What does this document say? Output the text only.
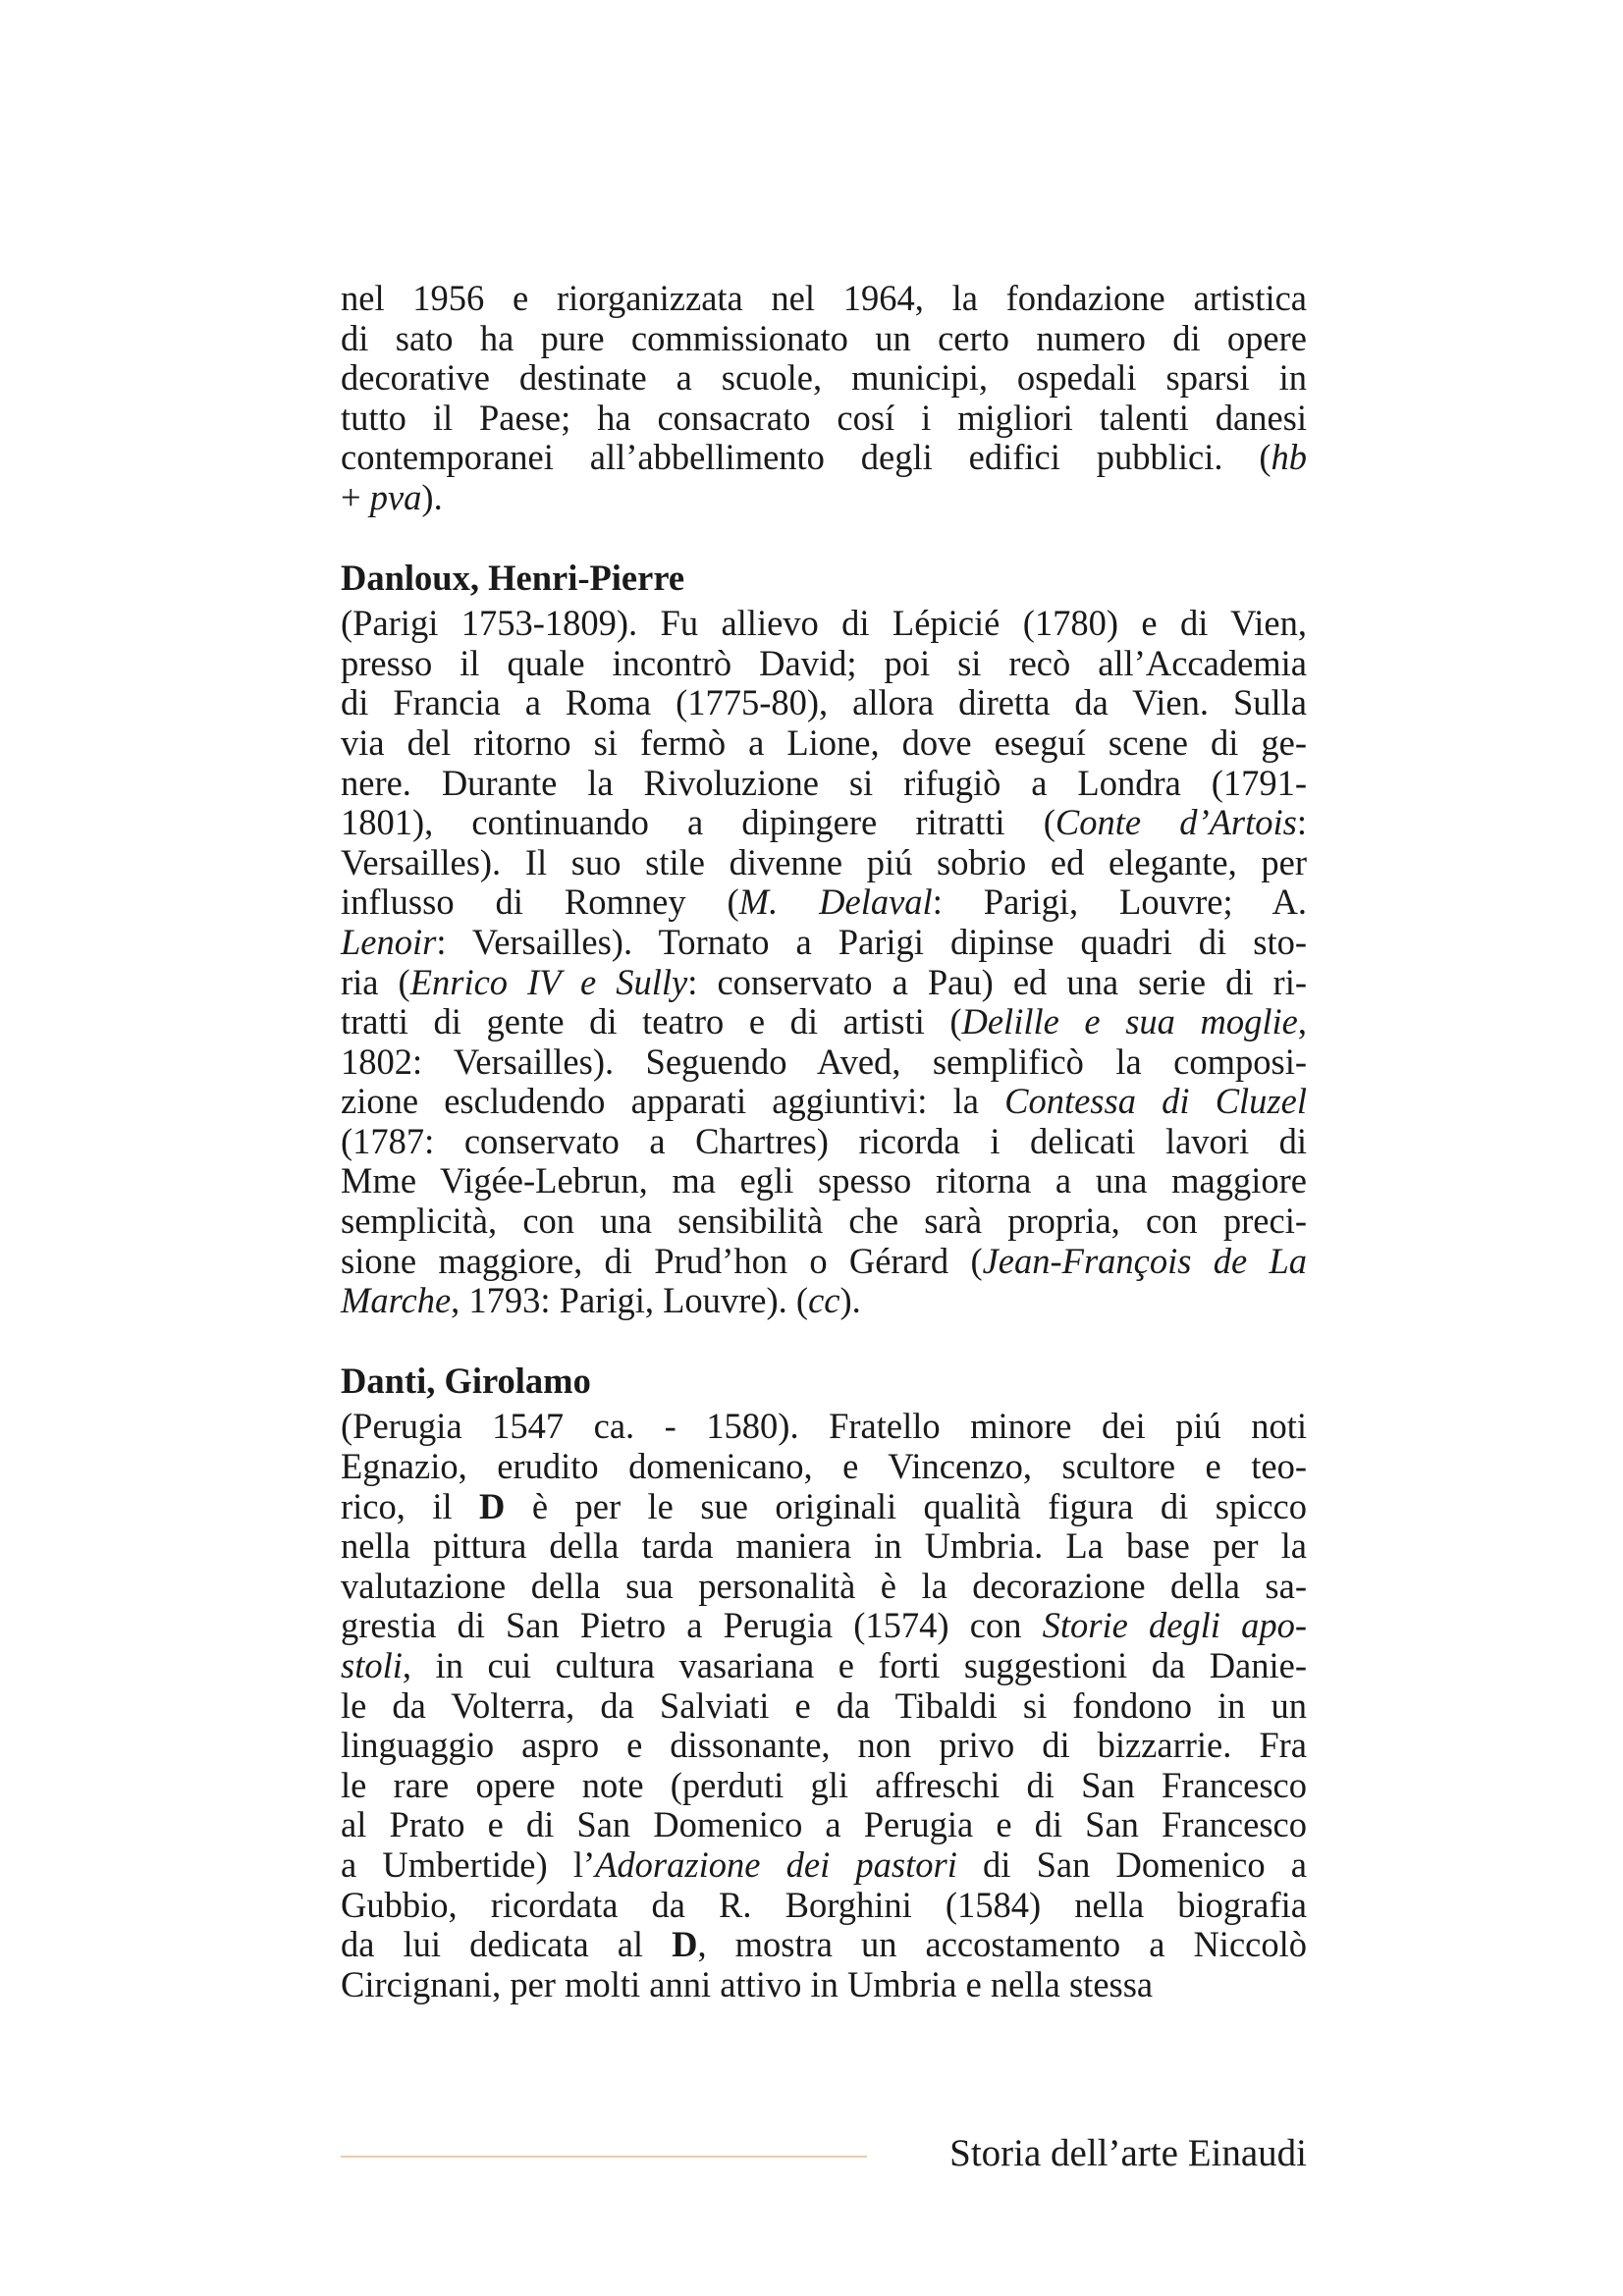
nel 1956 e riorganizzata nel 1964, la fondazione artistica
di sato ha pure commissionato un certo numero di opere
decorative destinate a scuole, municipi, ospedali sparsi in
tutto il Paese; ha consacrato cosí i migliori talenti danesi
contemporanei all’abbellimento degli edifici pubblici. (hb
+ pva).
Danloux, Henri-Pierre
(Parigi 1753-1809). Fu allievo di Lépicié (1780) e di Vien,
presso il quale incontrò David; poi si recò all’Accademia
di Francia a Roma (1775-80), allora diretta da Vien. Sulla
via del ritorno si fermò a Lione, dove eseguí scene di ge-
nere. Durante la Rivoluzione si rifugiò a Londra (1791-
1801), continuando a dipingere ritratti (Conte d’Artois:
Versailles). Il suo stile divenne piú sobrio ed elegante, per
influsso di Romney (M. Delaval: Parigi, Louvre; A.
Lenoir: Versailles). Tornato a Parigi dipinse quadri di sto-
ria (Enrico IV e Sully: conservato a Pau) ed una serie di ri-
tratti di gente di teatro e di artisti (Delille e sua moglie,
1802: Versailles). Seguendo Aved, semplificò la composi-
zione escludendo apparati aggiuntivi: la Contessa di Cluzel
(1787: conservato a Chartres) ricorda i delicati lavori di
Mme Vigée-Lebrun, ma egli spesso ritorna a una maggiore
semplicità, con una sensibilità che sarà propria, con preci-
sione maggiore, di Prud’hon o Gérard (Jean-François de La
Marche, 1793: Parigi, Louvre). (cc).
Danti, Girolamo
(Perugia 1547 ca. - 1580). Fratello minore dei piú noti
Egnazio, erudito domenicano, e Vincenzo, scultore e teo-
rico, il D è per le sue originali qualità figura di spicco
nella pittura della tarda maniera in Umbria. La base per la
valutazione della sua personalità è la decorazione della sa-
grestia di San Pietro a Perugia (1574) con Storie degli apo-
stoli, in cui cultura vasariana e forti suggestioni da Danie-
le da Volterra, da Salviati e da Tibaldi si fondono in un
linguaggio aspro e dissonante, non privo di bizzarrie. Fra
le rare opere note (perduti gli affreschi di San Francesco
al Prato e di San Domenico a Perugia e di San Francesco
a Umbertide) l’Adorazione dei pastori di San Domenico a
Gubbio, ricordata da R. Borghini (1584) nella biografia
da lui dedicata al D, mostra un accostamento a Niccolò
Circignani, per molti anni attivo in Umbria e nella stessa
Storia dell’arte Einaudi
